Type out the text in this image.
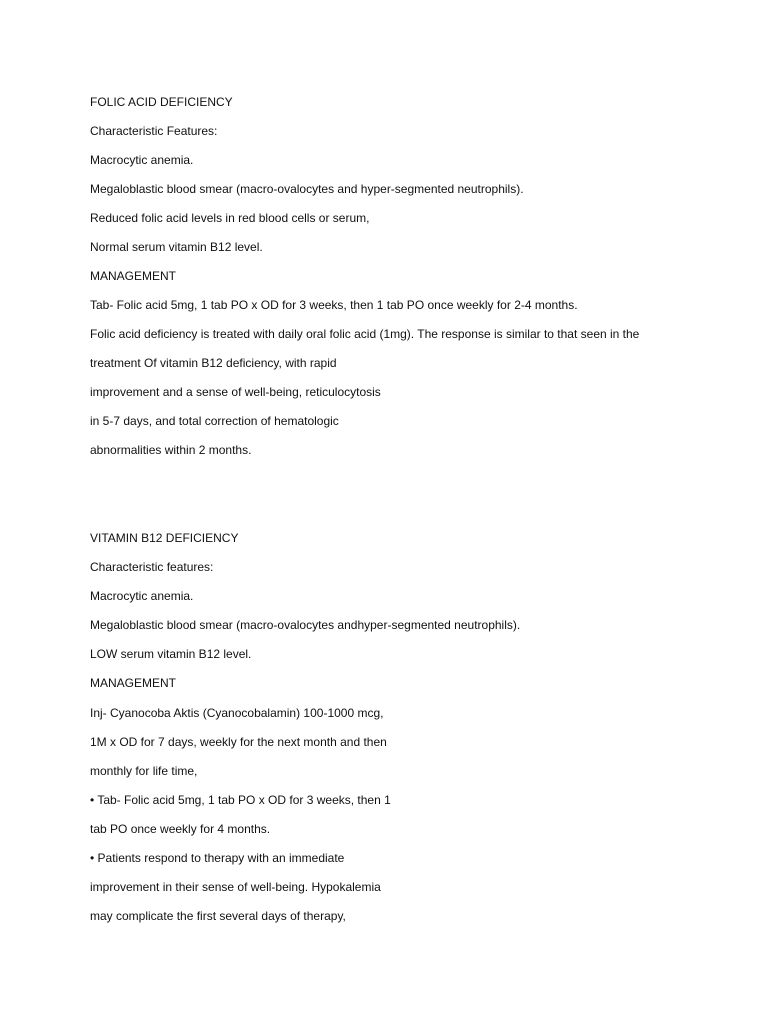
FOLIC ACID DEFICIENCY
Characteristic Features:
Macrocytic anemia.
Megaloblastic blood smear (macro-ovalocytes and hyper-segmented neutrophils).
Reduced folic acid levels in red blood cells or serum,
Normal serum vitamin B12 level.
MANAGEMENT
Tab- Folic acid 5mg, 1 tab PO x OD for 3 weeks, then 1 tab PO once weekly for 2-4 months.
Folic acid deficiency is treated with daily oral folic acid (1mg). The response is similar to that seen in the
treatment Of vitamin B12 deficiency, with rapid
improvement and a sense of well-being, reticulocytosis
in 5-7 days, and total correction of hematologic
abnormalities within 2 months.
VITAMIN B12 DEFICIENCY
Characteristic features:
Macrocytic anemia.
Megaloblastic blood smear (macro-ovalocytes andhyper-segmented neutrophils).
LOW serum vitamin B12 level.
MANAGEMENT
Inj- Cyanocoba Aktis (Cyanocobalamin) 100-1000 mcg,
1M x OD for 7 days, weekly for the next month and then
monthly for life time,
• Tab- Folic acid 5mg, 1 tab PO x OD for 3 weeks, then 1
tab PO once weekly for 4 months.
• Patients respond to therapy with an immediate
improvement in their sense of well-being. Hypokalemia
may complicate the first several days of therapy,
